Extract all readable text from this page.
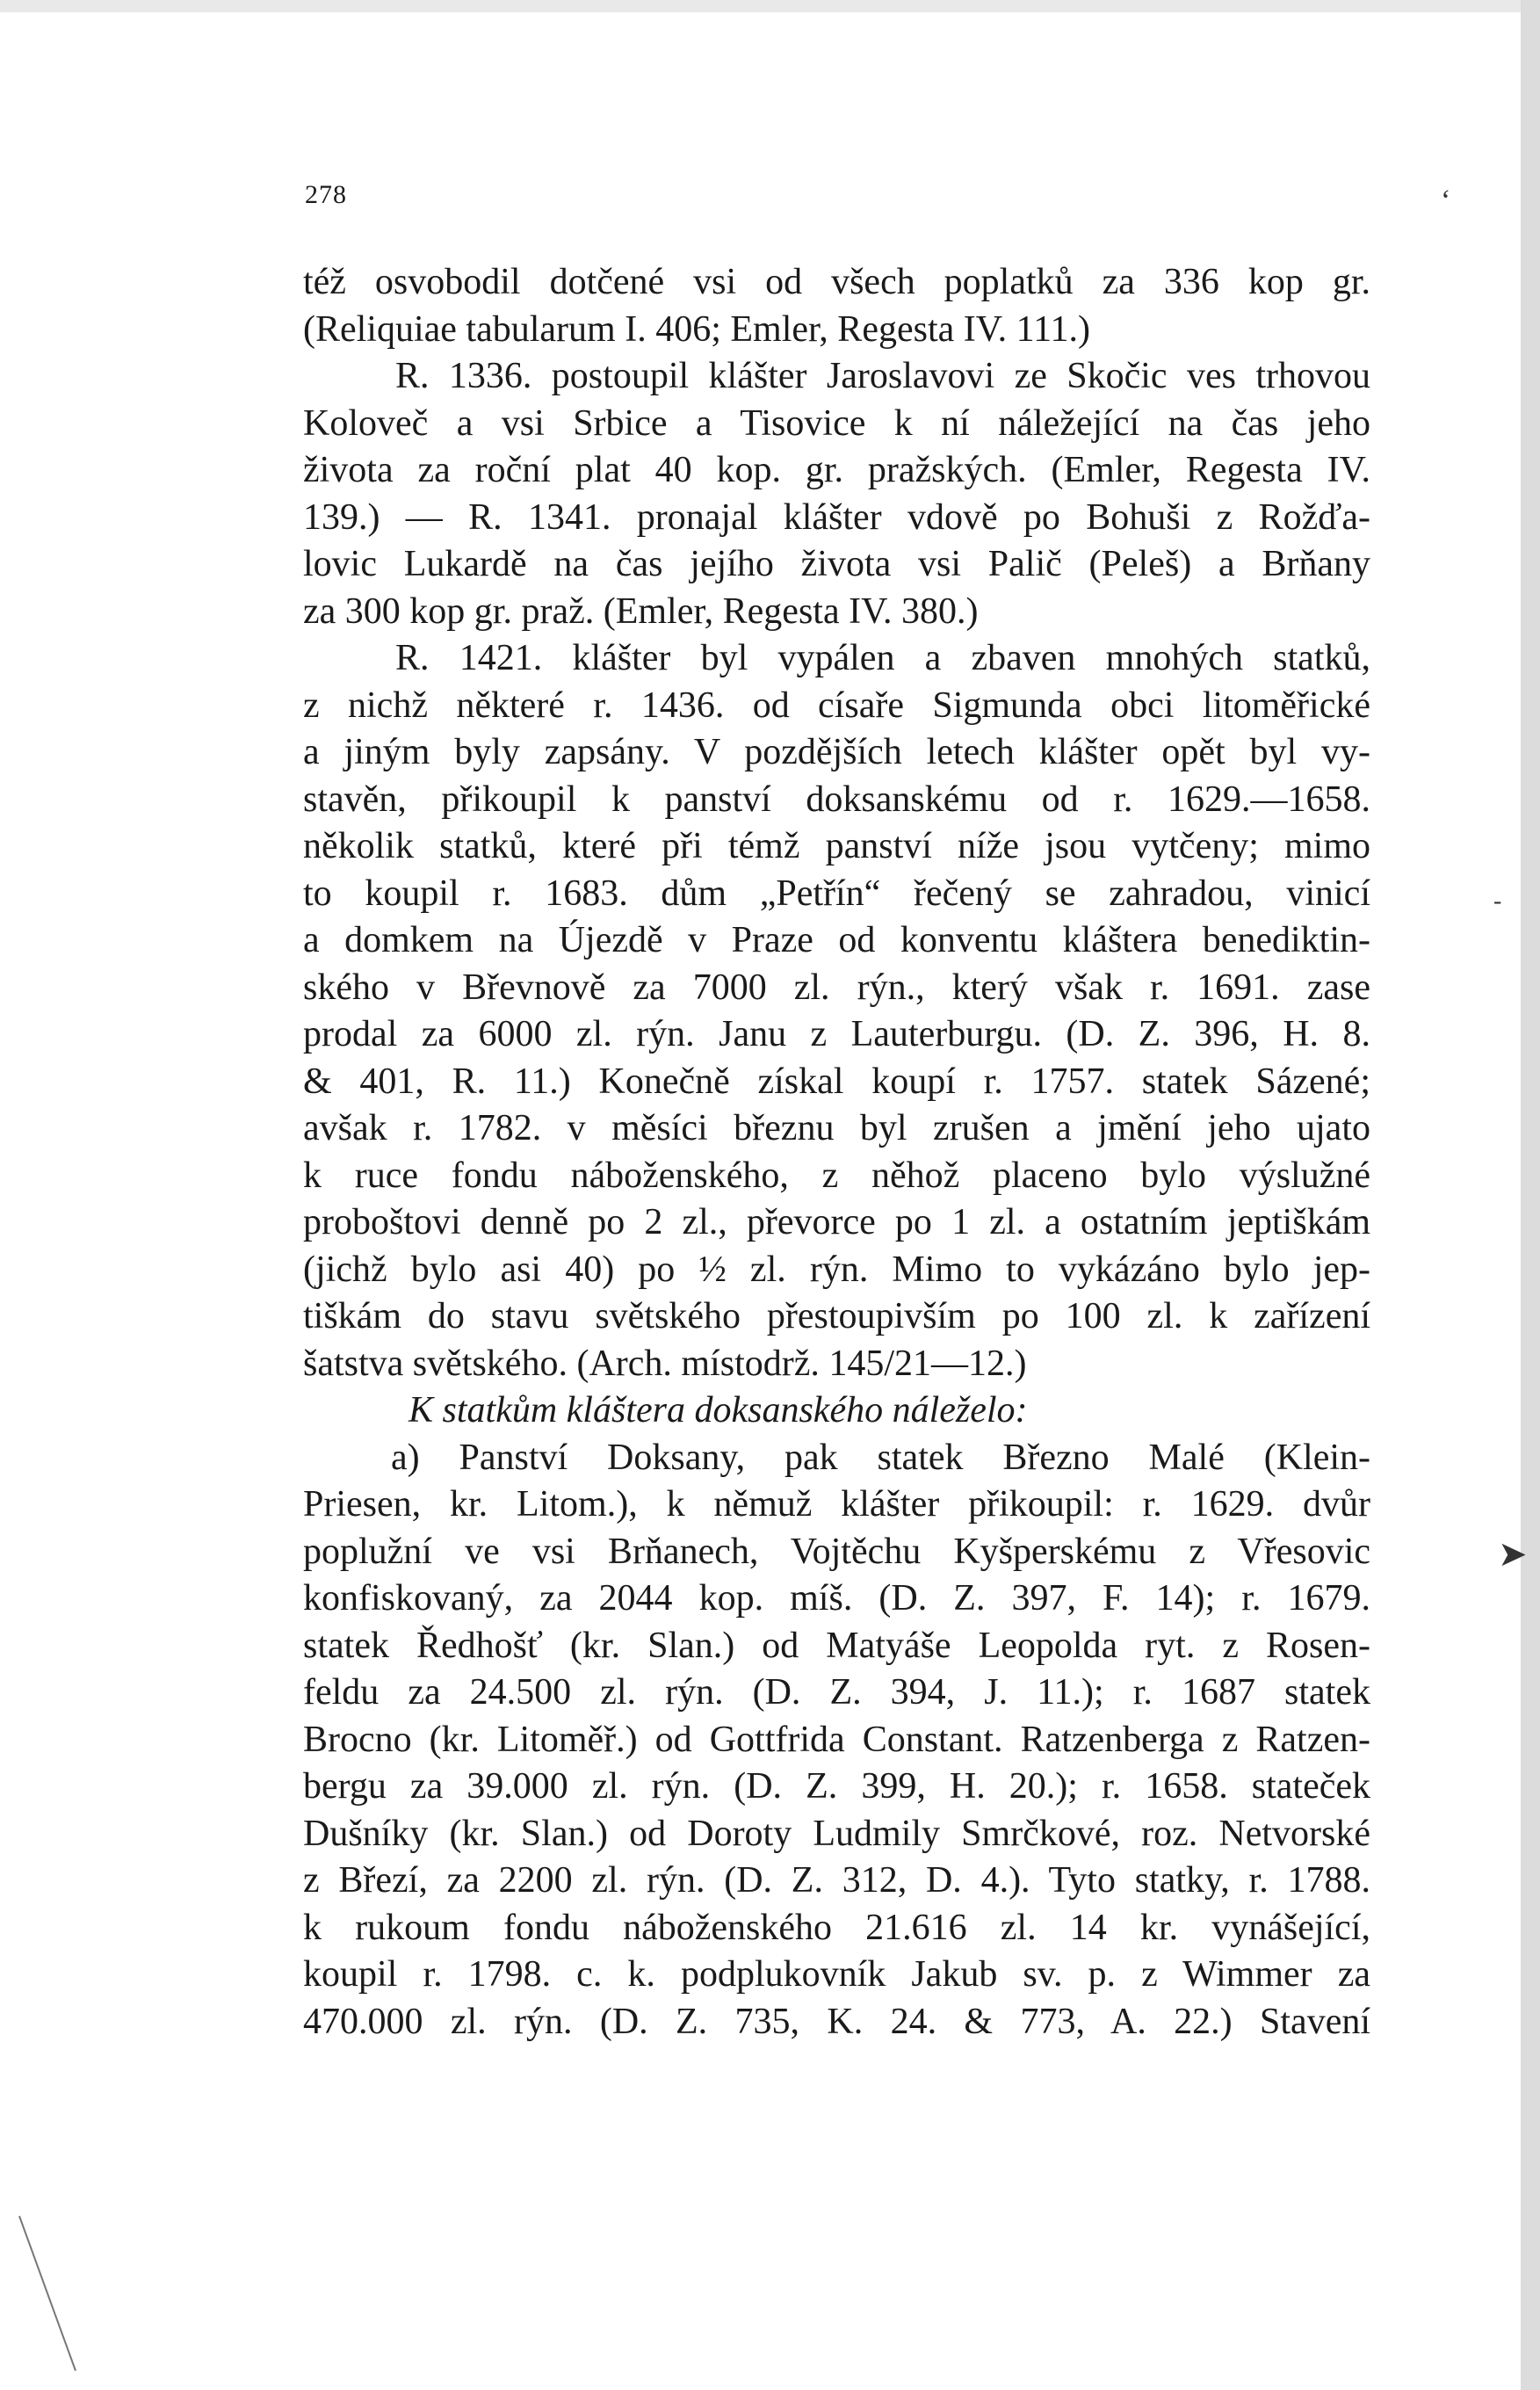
ʻ
➤
‐
278
též osvobodil dotčené vsi od všech poplatků za 336 kop gr.
(Reliquiae tabularum I. 406; Emler, Regesta IV. 111.)
R. 1336. postoupil klášter Jaroslavovi ze Skočic ves trhovou
Koloveč a vsi Srbice a Tisovice k ní náležející na čas jeho
života za roční plat 40 kop. gr. pražských. (Emler, Regesta IV.
139.) — R. 1341. pronajal klášter vdově po Bohuši z Rožďa-
lovic Lukardě na čas jejího života vsi Palič (Peleš) a Brňany
za 300 kop gr. praž. (Emler, Regesta IV. 380.)
R. 1421. klášter byl vypálen a zbaven mnohých statků,
z nichž některé r. 1436. od císaře Sigmunda obci litoměřické
a jiným byly zapsány. V pozdějších letech klášter opět byl vy-
stavěn, přikoupil k panství doksanskému od r. 1629.—1658.
několik statků, které při témž panství níže jsou vytčeny; mimo
to koupil r. 1683. dům „Petřín“ řečený se zahradou, vinicí
a domkem na Újezdě v Praze od konventu kláštera benediktin-
ského v Břevnově za 7000 zl. rýn., který však r. 1691. zase
prodal za 6000 zl. rýn. Janu z Lauterburgu. (D. Z. 396, H. 8.
& 401, R. 11.) Konečně získal koupí r. 1757. statek Sázené;
avšak r. 1782. v měsíci březnu byl zrušen a jmění jeho ujato
k ruce fondu náboženského, z něhož placeno bylo výslužné
proboštovi denně po 2 zl., převorce po 1 zl. a ostatním jeptiškám
(jichž bylo asi 40) po ½ zl. rýn. Mimo to vykázáno bylo jep-
tiškám do stavu světského přestoupivším po 100 zl. k zařízení
šatstva světského. (Arch. místodrž. 145/21—12.)
K statkům kláštera doksanského náleželo:
a) Panství Doksany, pak statek Březno Malé (Klein-
Priesen, kr. Litom.), k němuž klášter přikoupil: r. 1629. dvůr
poplužní ve vsi Brňanech, Vojtěchu Kyšperskému z Vřesovic
konfiskovaný, za 2044 kop. míš. (D. Z. 397, F. 14); r. 1679.
statek Ředhošť (kr. Slan.) od Matyáše Leopolda ryt. z Rosen-
feldu za 24.500 zl. rýn. (D. Z. 394, J. 11.); r. 1687 statek
Brocno (kr. Litoměř.) od Gottfrida Constant. Ratzenberga z Ratzen-
bergu za 39.000 zl. rýn. (D. Z. 399, H. 20.); r. 1658. stateček
Dušníky (kr. Slan.) od Doroty Ludmily Smrčkové, roz. Netvorské
z Březí, za 2200 zl. rýn. (D. Z. 312, D. 4.). Tyto statky, r. 1788.
k rukoum fondu náboženského 21.616 zl. 14 kr. vynášející,
koupil r. 1798. c. k. podplukovník Jakub sv. p. z Wimmer za
470.000 zl. rýn. (D. Z. 735, K. 24. & 773, A. 22.) Stavení
